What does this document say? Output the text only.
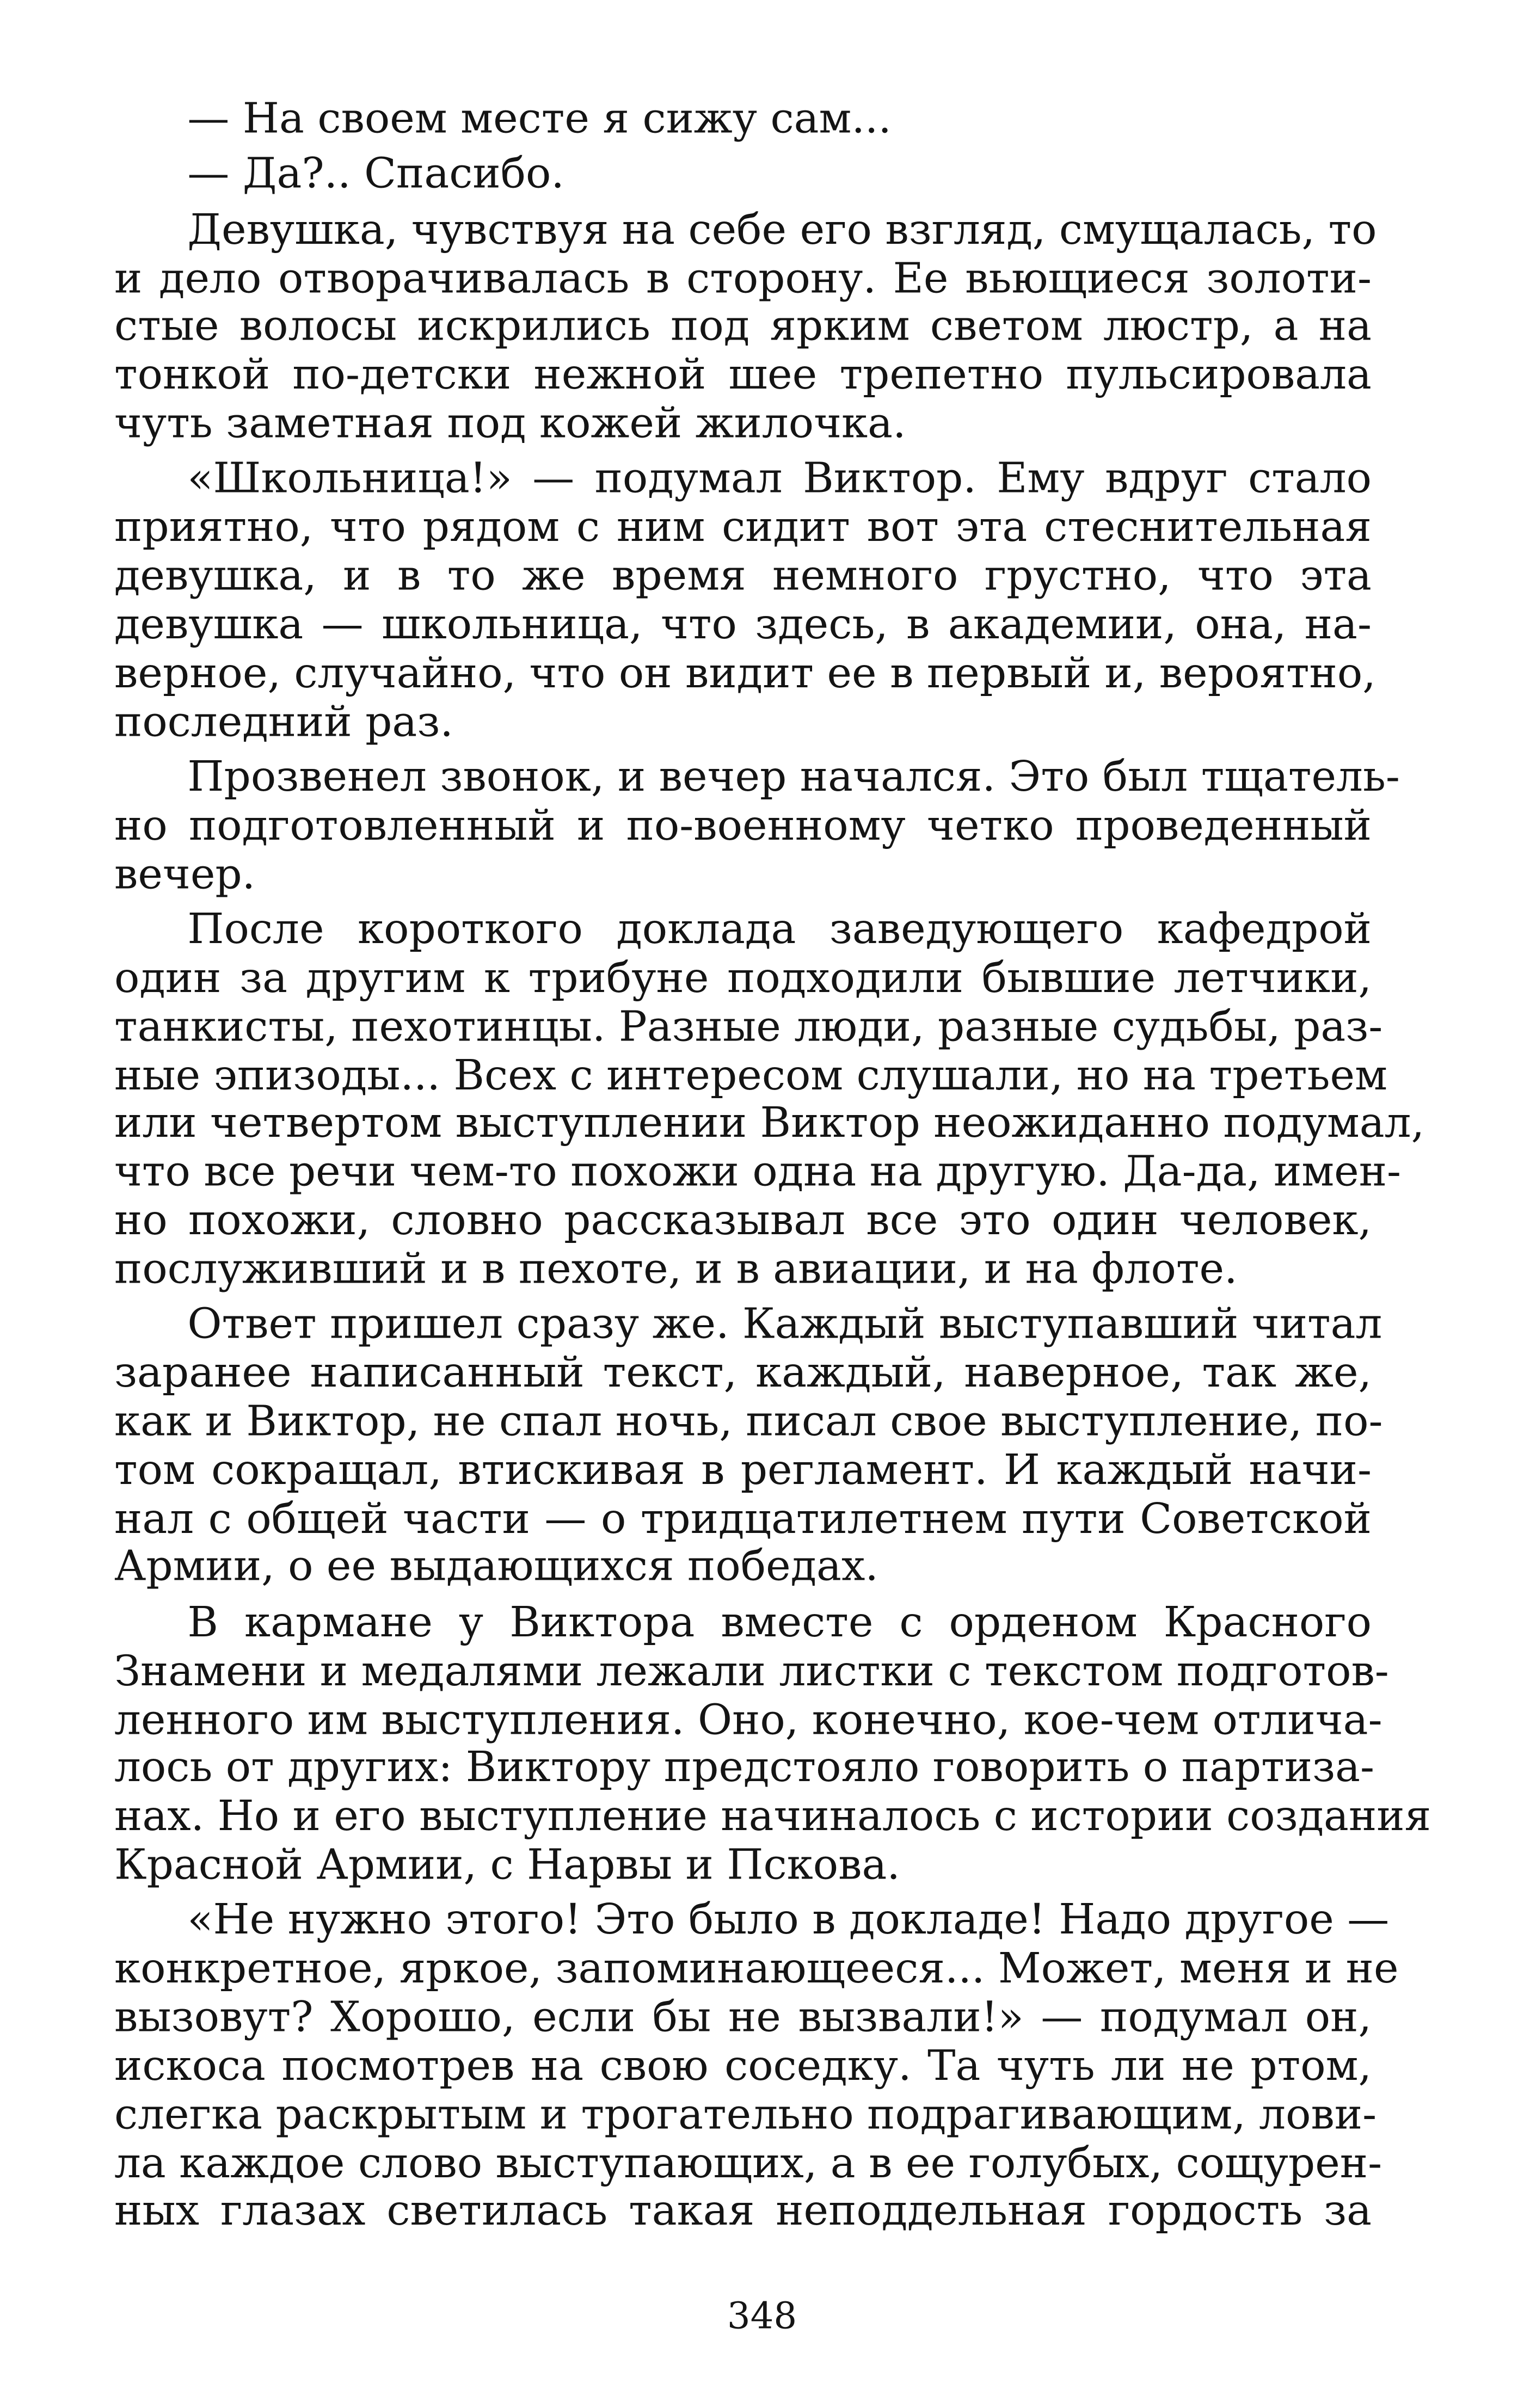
— На своем месте я сижу сам...
— Да?.. Спасибо.
Девушка, чувствуя на себе его взгляд, смущалась, то
и дело отворачивалась в сторону. Ее вьющиеся золоти-
стые волосы искрились под ярким светом люстр, а на
тонкой по-детски нежной шее трепетно пульсировала
чуть заметная под кожей жилочка.
«Школьница!» — подумал Виктор. Ему вдруг стало
приятно, что рядом с ним сидит вот эта стеснительная
девушка, и в то же время немного грустно, что эта
девушка — школьница, что здесь, в академии, она, на-
верное, случайно, что он видит ее в первый и, вероятно,
последний раз.
Прозвенел звонок, и вечер начался. Это был тщатель-
но подготовленный и по-военному четко проведенный
вечер.
После короткого доклада заведующего кафедрой
один за другим к трибуне подходили бывшие летчики,
танкисты, пехотинцы. Разные люди, разные судьбы, раз-
ные эпизоды... Всех с интересом слушали, но на третьем
или четвертом выступлении Виктор неожиданно подумал,
что все речи чем-то похожи одна на другую. Да-да, имен-
но похожи, словно рассказывал все это один человек,
послуживший и в пехоте, и в авиации, и на флоте.
Ответ пришел сразу же. Каждый выступавший читал
заранее написанный текст, каждый, наверное, так же,
как и Виктор, не спал ночь, писал свое выступление, по-
том сокращал, втискивая в регламент. И каждый начи-
нал с общей части — о тридцатилетнем пути Советской
Армии, о ее выдающихся победах.
В кармане у Виктора вместе с орденом Красного
Знамени и медалями лежали листки с текстом подготов-
ленного им выступления. Оно, конечно, кое-чем отлича-
лось от других: Виктору предстояло говорить о партиза-
нах. Но и его выступление начиналось с истории создания
Красной Армии, с Нарвы и Пскова.
«Не нужно этого! Это было в докладе! Надо другое —
конкретное, яркое, запоминающееся... Может, меня и не
вызовут? Хорошо, если бы не вызвали!» — подумал он,
искоса посмотрев на свою соседку. Та чуть ли не ртом,
слегка раскрытым и трогательно подрагивающим, лови-
ла каждое слово выступающих, а в ее голубых, сощурен-
ных глазах светилась такая неподдельная гордость за
348
